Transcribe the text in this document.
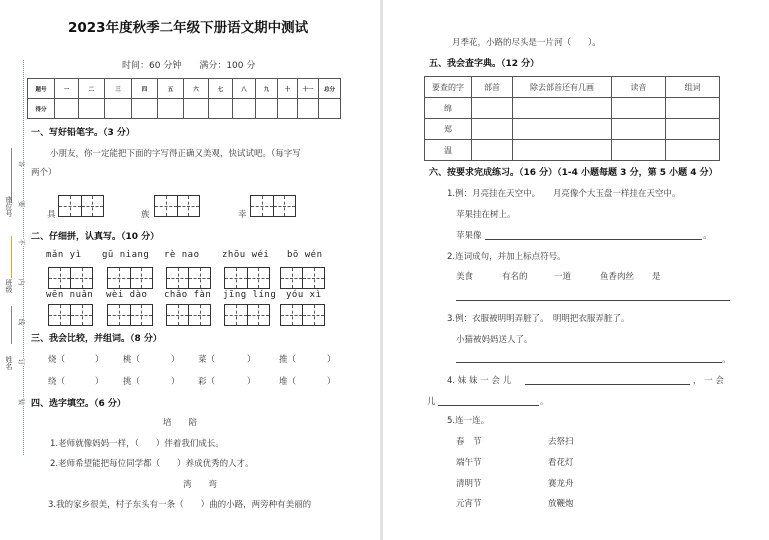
2023年度秋季二年级下册语文期中测试
时间：60 分钟　　满分：100 分
座位号
班级
姓名
答
要
不
内
线
订
装
题号	一	二	三	四	五	六	七	八	九	十	十一	总分
得分												
一、写好铅笔字。（3 分）
小朋友，你一定能把下面的字写得正确又美观，快试试吧。（每字写
两个）
具	族	幸
二、仔细拼，认真写。（10 分）
mǎn yì gū niang rè nao zhōu wéi bō wén
wēn nuǎn wèi dào chǎo fàn jīng líng yóu xì
三、我会比较，并组词。（8 分）
烧（	） 桃（	） 菜（	）	推（	）
绕（	） 挑（	） 彩（	）	堆（	）
四、选字填空。（6 分）
培　　陪
1.老师就像妈妈一样，（　　）伴着我们成长。
2.老师希望能把每位同学都（　　）养成优秀的人才。
湾　　弯
3.我的家乡很美，村子东头有一条（　　）曲的小路，两旁种有美丽的
月季花，小路的尽头是一片河（　　）。
五、我会查字典。（12 分）
要查的字	部首	除去部首还有几画	读音	组词
绵				
郑				
温				
六、按要求完成练习。（16 分）（1-4 小题每题 3 分，第 5 小题 4 分）
1.例：月亮挂在天空中。　　月亮像个大玉盘一样挂在天空中。
苹果挂在树上。
苹果像	。
2.连词成句，并加上标点符号。
美食	有名的	一道	鱼香肉丝 是
3.例：衣服被明明弄脏了。　明明把衣服弄脏了。
小猫被妈妈送人了。
。
4. 妹 妹 一 会 儿	， 一 会
儿	。
5.连一连。
春　节
端午节
清明节
元宵节
去祭扫
看花灯
赛龙舟
放鞭炮
